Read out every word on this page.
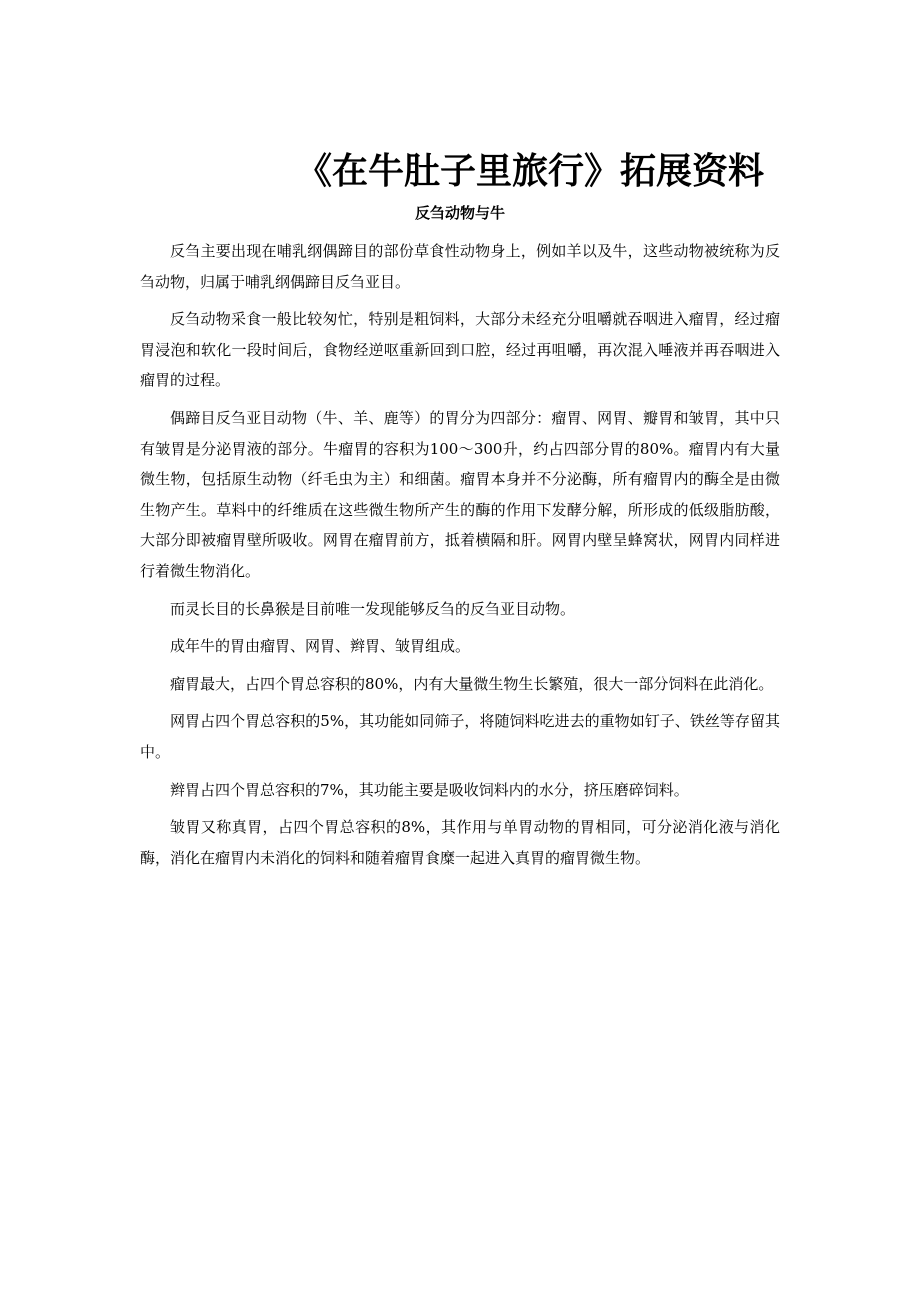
《在牛肚子里旅行》拓展资料
反刍动物与牛

反刍主要出现在哺乳纲偶蹄目的部份草食性动物身上，例如羊以及牛，这些动物被统称为反刍动物，归属于哺乳纲偶蹄目反刍亚目。

反刍动物采食一般比较匆忙，特别是粗饲料，大部分未经充分咀嚼就吞咽进入瘤胃，经过瘤胃浸泡和软化一段时间后，食物经逆呕重新回到口腔，经过再咀嚼，再次混入唾液并再吞咽进入瘤胃的过程。

偶蹄目反刍亚目动物（牛、羊、鹿等）的胃分为四部分：瘤胃、网胃、瓣胃和皱胃，其中只有皱胃是分泌胃液的部分。牛瘤胃的容积为100～300升，约占四部分胃的80%。瘤胃内有大量微生物，包括原生动物（纤毛虫为主）和细菌。瘤胃本身并不分泌酶，所有瘤胃内的酶全是由微生物产生。草料中的纤维质在这些微生物所产生的酶的作用下发酵分解，所形成的低级脂肪酸，大部分即被瘤胃壁所吸收。网胃在瘤胃前方，抵着横隔和肝。网胃内壁呈蜂窝状，网胃内同样进行着微生物消化。

而灵长目的长鼻猴是目前唯一发现能够反刍的反刍亚目动物。

成年牛的胃由瘤胃、网胃、辫胃、皱胃组成。

瘤胃最大，占四个胃总容积的80%，内有大量微生物生长繁殖，很大一部分饲料在此消化。

网胃占四个胃总容积的5%，其功能如同筛子，将随饲料吃进去的重物如钉子、铁丝等存留其中。

辫胃占四个胃总容积的7%，其功能主要是吸收饲料内的水分，挤压磨碎饲料。

皱胃又称真胃，占四个胃总容积的8%，其作用与单胃动物的胃相同，可分泌消化液与消化酶，消化在瘤胃内未消化的饲料和随着瘤胃食糜一起进入真胃的瘤胃微生物。
